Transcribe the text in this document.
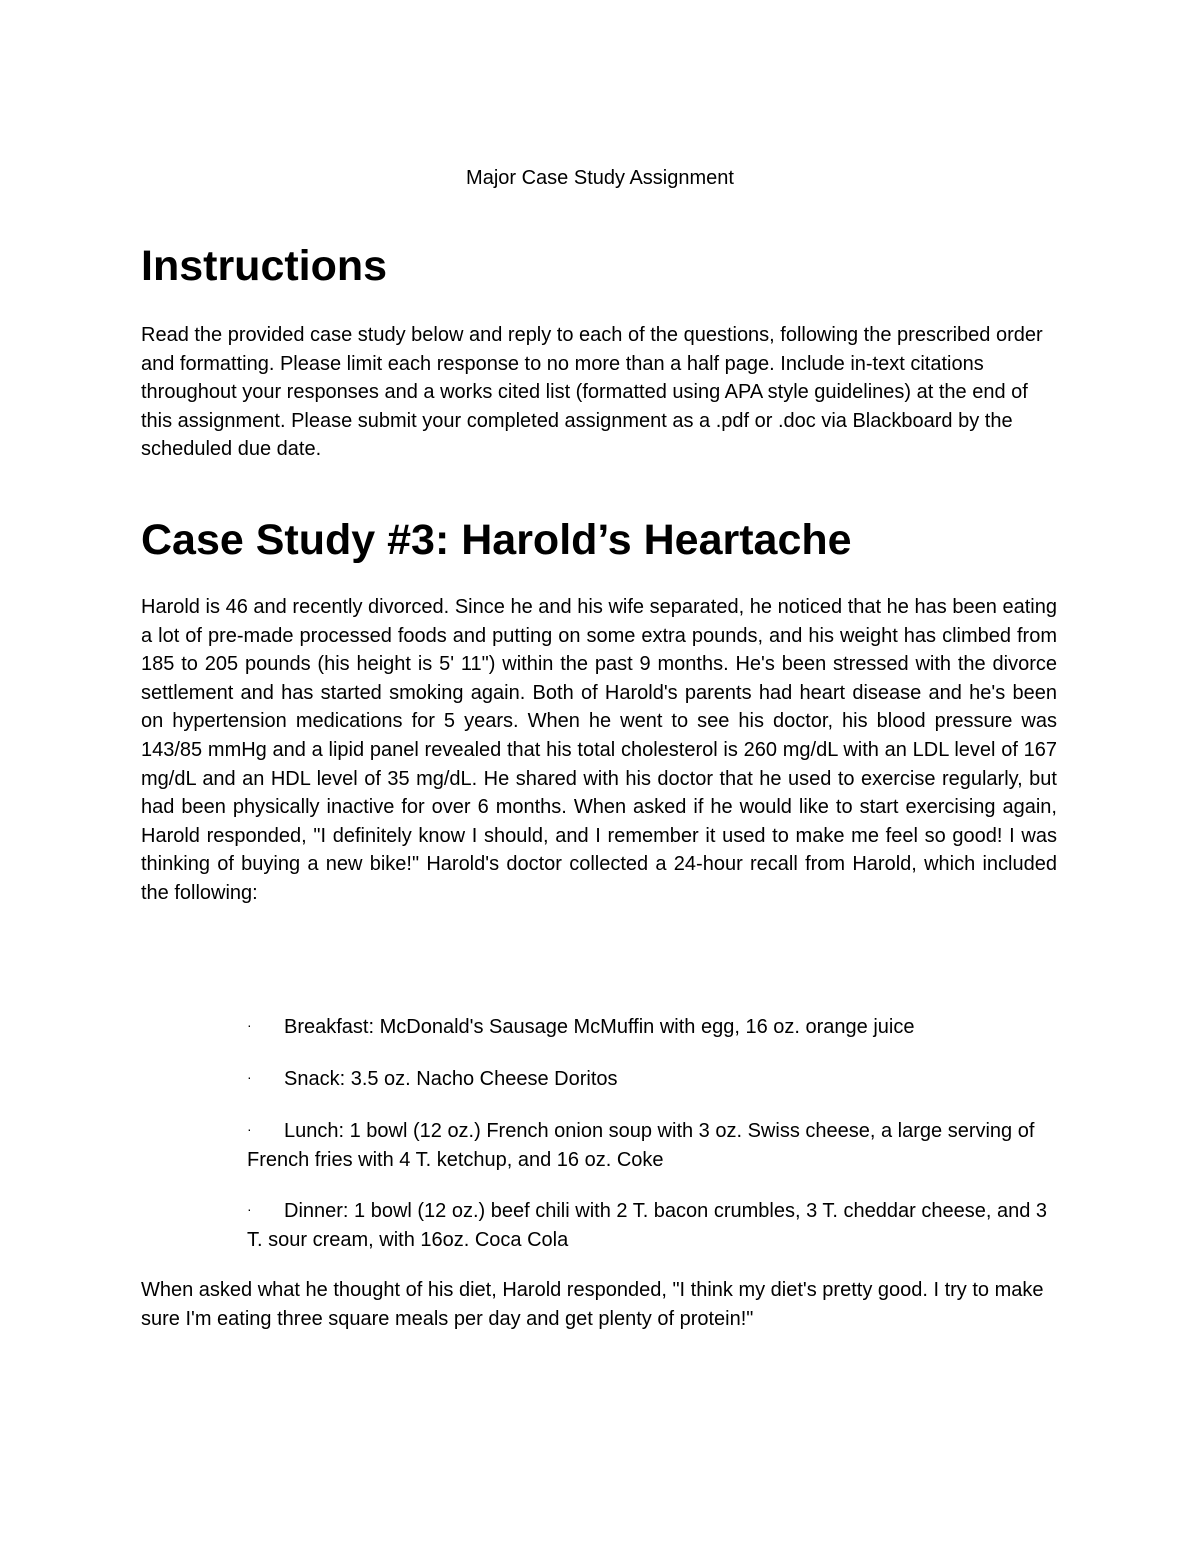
Major Case Study Assignment
Instructions

Read the provided case study below and reply to each of the questions, following the prescribed order and formatting. Please limit each response to no more than a half page. Include in-text citations throughout your responses and a works cited list (formatted using APA style guidelines) at the end of this assignment. Please submit your completed assignment as a .pdf or .doc via Blackboard by the scheduled due date.

Case Study #3: Harold’s Heartache

Harold is 46 and recently divorced. Since he and his wife separated, he noticed that he has been eating a lot of pre-made processed foods and putting on some extra pounds, and his weight has climbed from 185 to 205 pounds (his height is 5' 11") within the past 9 months. He's been stressed with the divorce settlement and has started smoking again. Both of Harold's parents had heart disease and he's been on hypertension medications for 5 years. When he went to see his doctor, his blood pressure was 143/85 mmHg and a lipid panel revealed that his total cholesterol is 260 mg/dL with an LDL level of 167 mg/dL and an HDL level of 35 mg/dL. He shared with his doctor that he used to exercise regularly, but had been physically inactive for over 6 months. When asked if he would like to start exercising again, Harold responded, "I definitely know I should, and I remember it used to make me feel so good! I was thinking of buying a new bike!" Harold's doctor collected a 24-hour recall from Harold, which included the following:

· Breakfast: McDonald's Sausage McMuffin with egg, 16 oz. orange juice

· Snack: 3.5 oz. Nacho Cheese Doritos

· Lunch: 1 bowl (12 oz.) French onion soup with 3 oz. Swiss cheese, a large serving of French fries with 4 T. ketchup, and 16 oz. Coke

· Dinner: 1 bowl (12 oz.) beef chili with 2 T. bacon crumbles, 3 T. cheddar cheese, and 3 T. sour cream, with 16oz. Coca Cola

When asked what he thought of his diet, Harold responded, "I think my diet's pretty good. I try to make sure I'm eating three square meals per day and get plenty of protein!"
